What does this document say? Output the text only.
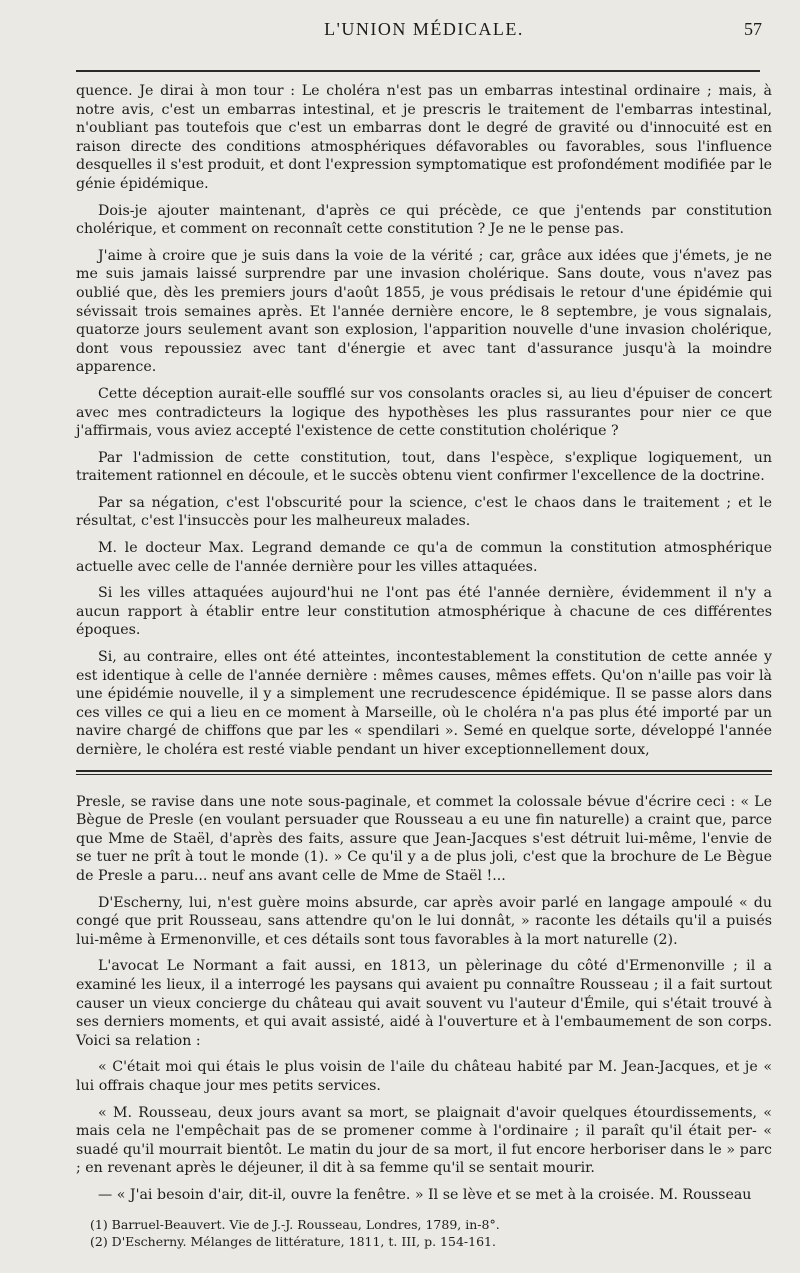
L'UNION MÉDICALE.	57

quence. Je dirai à mon tour : Le choléra n'est pas un embarras intestinal ordinaire ; mais, à notre avis, c'est un embarras intestinal, et je prescris le traitement de l'embarras intestinal, n'oubliant pas toutefois que c'est un embarras dont le degré de gravité ou d'innocuité est en raison directe des conditions atmosphériques défavorables ou favorables, sous l'influence desquelles il s'est produit, et dont l'expression symptomatique est profondément modifiée par le génie épidémique.

Dois-je ajouter maintenant, d'après ce qui précède, ce que j'entends par constitution cholérique, et comment on reconnaît cette constitution ? Je ne le pense pas.

J'aime à croire que je suis dans la voie de la vérité ; car, grâce aux idées que j'émets, je ne me suis jamais laissé surprendre par une invasion cholérique. Sans doute, vous n'avez pas oublié que, dès les premiers jours d'août 1855, je vous prédisais le retour d'une épidémie qui sévissait trois semaines après. Et l'année dernière encore, le 8 septembre, je vous signalais, quatorze jours seulement avant son explosion, l'apparition nouvelle d'une invasion cholérique, dont vous repoussiez avec tant d'énergie et avec tant d'assurance jusqu'à la moindre apparence.

Cette déception aurait-elle soufflé sur vos consolants oracles si, au lieu d'épuiser de concert avec mes contradicteurs la logique des hypothèses les plus rassurantes pour nier ce que j'affirmais, vous aviez accepté l'existence de cette constitution cholérique ?

Par l'admission de cette constitution, tout, dans l'espèce, s'explique logiquement, un traitement rationnel en découle, et le succès obtenu vient confirmer l'excellence de la doctrine.

Par sa négation, c'est l'obscurité pour la science, c'est le chaos dans le traitement ; et le résultat, c'est l'insuccès pour les malheureux malades.

M. le docteur Max. Legrand demande ce qu'a de commun la constitution atmosphérique actuelle avec celle de l'année dernière pour les villes attaquées.

Si les villes attaquées aujourd'hui ne l'ont pas été l'année dernière, évidemment il n'y a aucun rapport à établir entre leur constitution atmosphérique à chacune de ces différentes époques.

Si, au contraire, elles ont été atteintes, incontestablement la constitution de cette année y est identique à celle de l'année dernière : mêmes causes, mêmes effets. Qu'on n'aille pas voir là une épidémie nouvelle, il y a simplement une recrudescence épidémique. Il se passe alors dans ces villes ce qui a lieu en ce moment à Marseille, où le choléra n'a pas plus été importé par un navire chargé de chiffons que par les « spendilari ». Semé en quelque sorte, développé l'année dernière, le choléra est resté viable pendant un hiver exceptionnellement doux,

Presle, se ravise dans une note sous-paginale, et commet la colossale bévue d'écrire ceci : « Le Bègue de Presle (en voulant persuader que Rousseau a eu une fin naturelle) a craint que, parce que Mme de Staël, d'après des faits, assure que Jean-Jacques s'est détruit lui-même, l'envie de se tuer ne prît à tout le monde (1). » Ce qu'il y a de plus joli, c'est que la brochure de Le Bègue de Presle a paru... neuf ans avant celle de Mme de Staël !...

D'Escherny, lui, n'est guère moins absurde, car après avoir parlé en langage ampoulé « du congé que prit Rousseau, sans attendre qu'on le lui donnât, » raconte les détails qu'il a puisés lui-même à Ermenonville, et ces détails sont tous favorables à la mort naturelle (2).

L'avocat Le Normant a fait aussi, en 1813, un pèlerinage du côté d'Ermenonville ; il a examiné les lieux, il a interrogé les paysans qui avaient pu connaître Rousseau ; il a fait surtout causer un vieux concierge du château qui avait souvent vu l'auteur d'Émile, qui s'était trouvé à ses derniers moments, et qui avait assisté, aidé à l'ouverture et à l'embaumement de son corps. Voici sa relation :

« C'était moi qui étais le plus voisin de l'aile du château habité par M. Jean-Jacques, et je « lui offrais chaque jour mes petits services.

« M. Rousseau, deux jours avant sa mort, se plaignait d'avoir quelques étourdissements, « mais cela ne l'empêchait pas de se promener comme à l'ordinaire ; il paraît qu'il était per- « suadé qu'il mourrait bientôt. Le matin du jour de sa mort, il fut encore herboriser dans le » parc ; en revenant après le déjeuner, il dit à sa femme qu'il se sentait mourir.

— « J'ai besoin d'air, dit-il, ouvre la fenêtre. » Il se lève et se met à la croisée. M. Rousseau

(1) Barruel-Beauvert. Vie de J.-J. Rousseau, Londres, 1789, in-8°.
(2) D'Escherny. Mélanges de littérature, 1811, t. III, p. 154-161.
